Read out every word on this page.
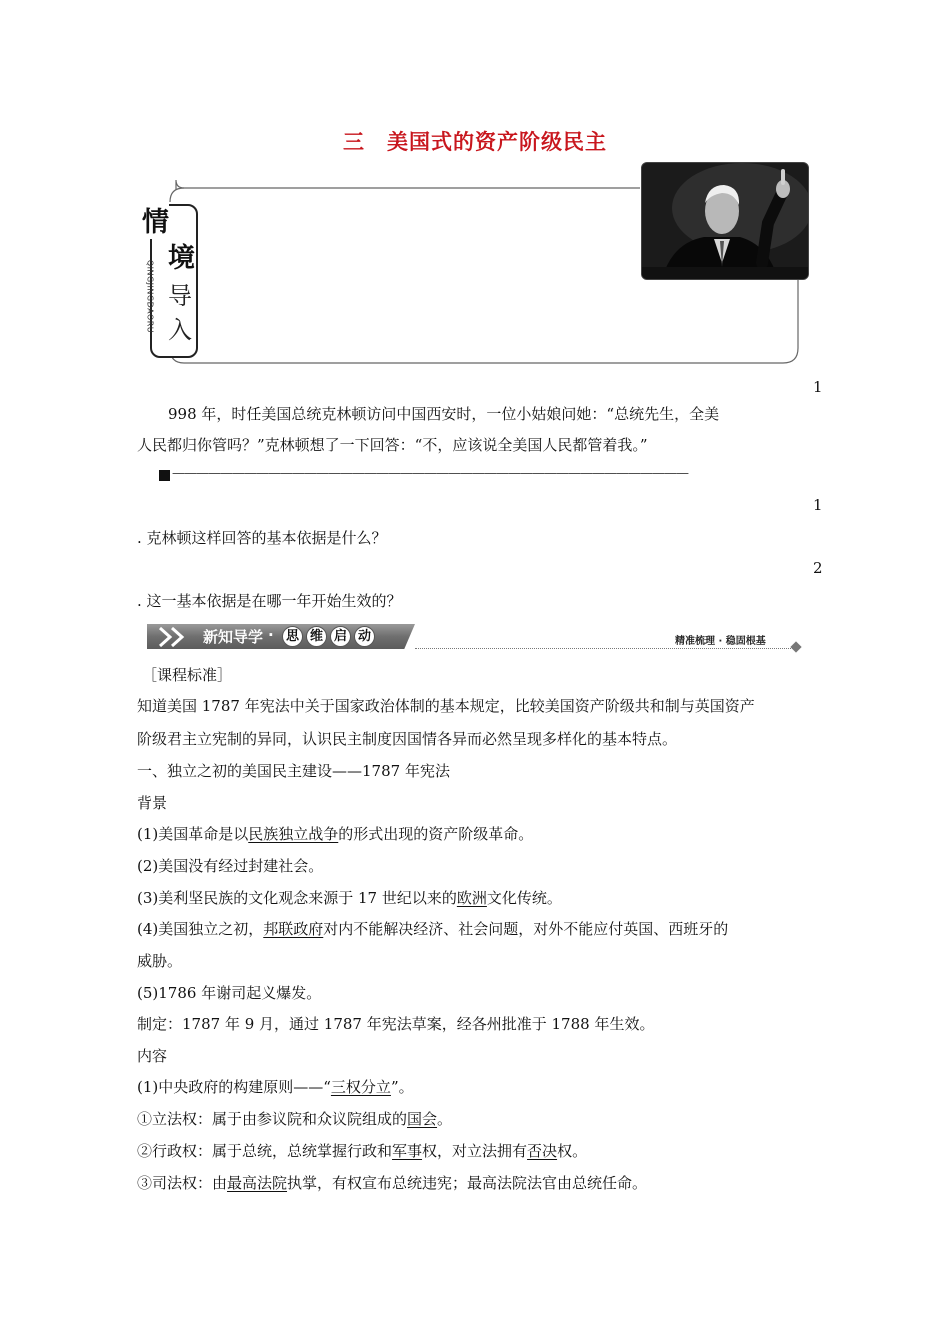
三　美国式的资产阶级民主
情
境
导
入
QINGJINGDAORU
1
1
2
998 年，时任美国总统克林顿访问中国西安时，一位小姑娘问她：“总统先生，全美
人民都归你管吗？”克林顿想了一下回答：“不，应该说全美国人民都管着我。”
———————————————————————————————————————————
. 克林顿这样回答的基本依据是什么？
. 这一基本依据是在哪一年开始生效的？
新知导学 · 思 维 启 动	精准梳理 · 稳固根基
［课程标准］
知道美国 1787 年宪法中关于国家政治体制的基本规定，比较美国资产阶级共和制与英国资产
阶级君主立宪制的异同，认识民主制度因国情各异而必然呈现多样化的基本特点。
一、独立之初的美国民主建设——1787 年宪法
背景
(1)美国革命是以民族独立战争的形式出现的资产阶级革命。
(2)美国没有经过封建社会。
(3)美利坚民族的文化观念来源于 17 世纪以来的欧洲文化传统。
(4)美国独立之初，邦联政府对内不能解决经济、社会问题，对外不能应付英国、西班牙的
威胁。
(5)1786 年谢司起义爆发。
制定：1787 年 9 月，通过 1787 年宪法草案，经各州批准于 1788 年生效。
内容
(1)中央政府的构建原则——“三权分立”。
①立法权：属于由参议院和众议院组成的国会。
②行政权：属于总统，总统掌握行政和军事权，对立法拥有否决权。
③司法权：由最高法院执掌，有权宣布总统违宪；最高法院法官由总统任命。
